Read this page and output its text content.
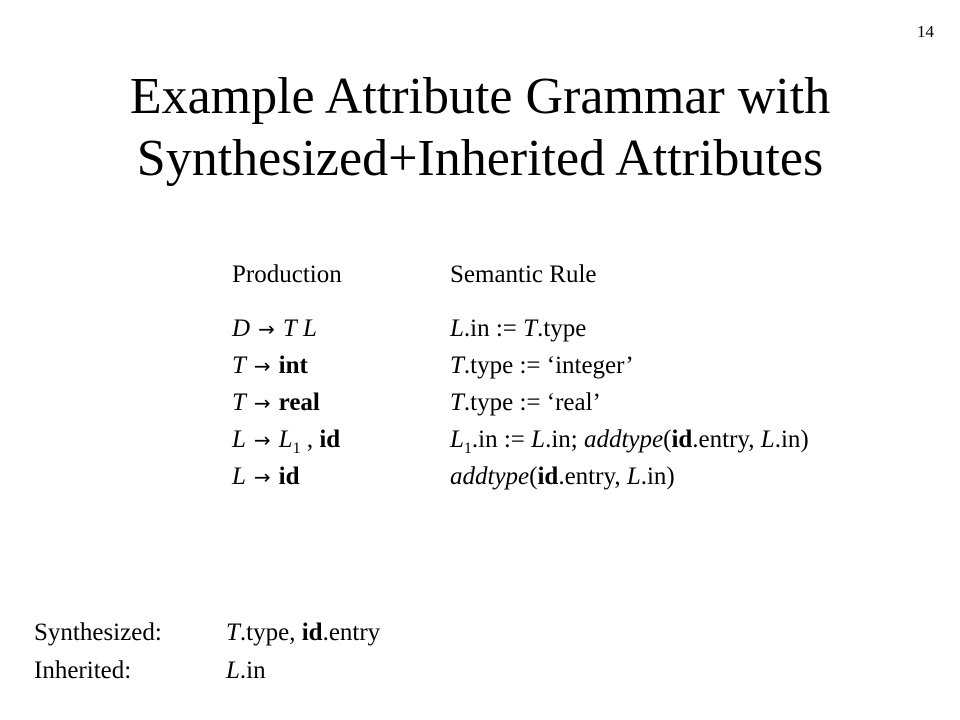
14
Example Attribute Grammar with
Synthesized+Inherited Attributes
Production
D → T L
T → int
T → real
$L \to L_1$ , id
L → id
Semantic Rule
L.in := T.type
T.type := ‘integer’
T.type := ‘real’
$L_1.in$ := L.in; addtype(id.entry, L.in)
addtype(id.entry, L.in)
Synthesized:	T.type, id.entry
Inherited:	L.in
